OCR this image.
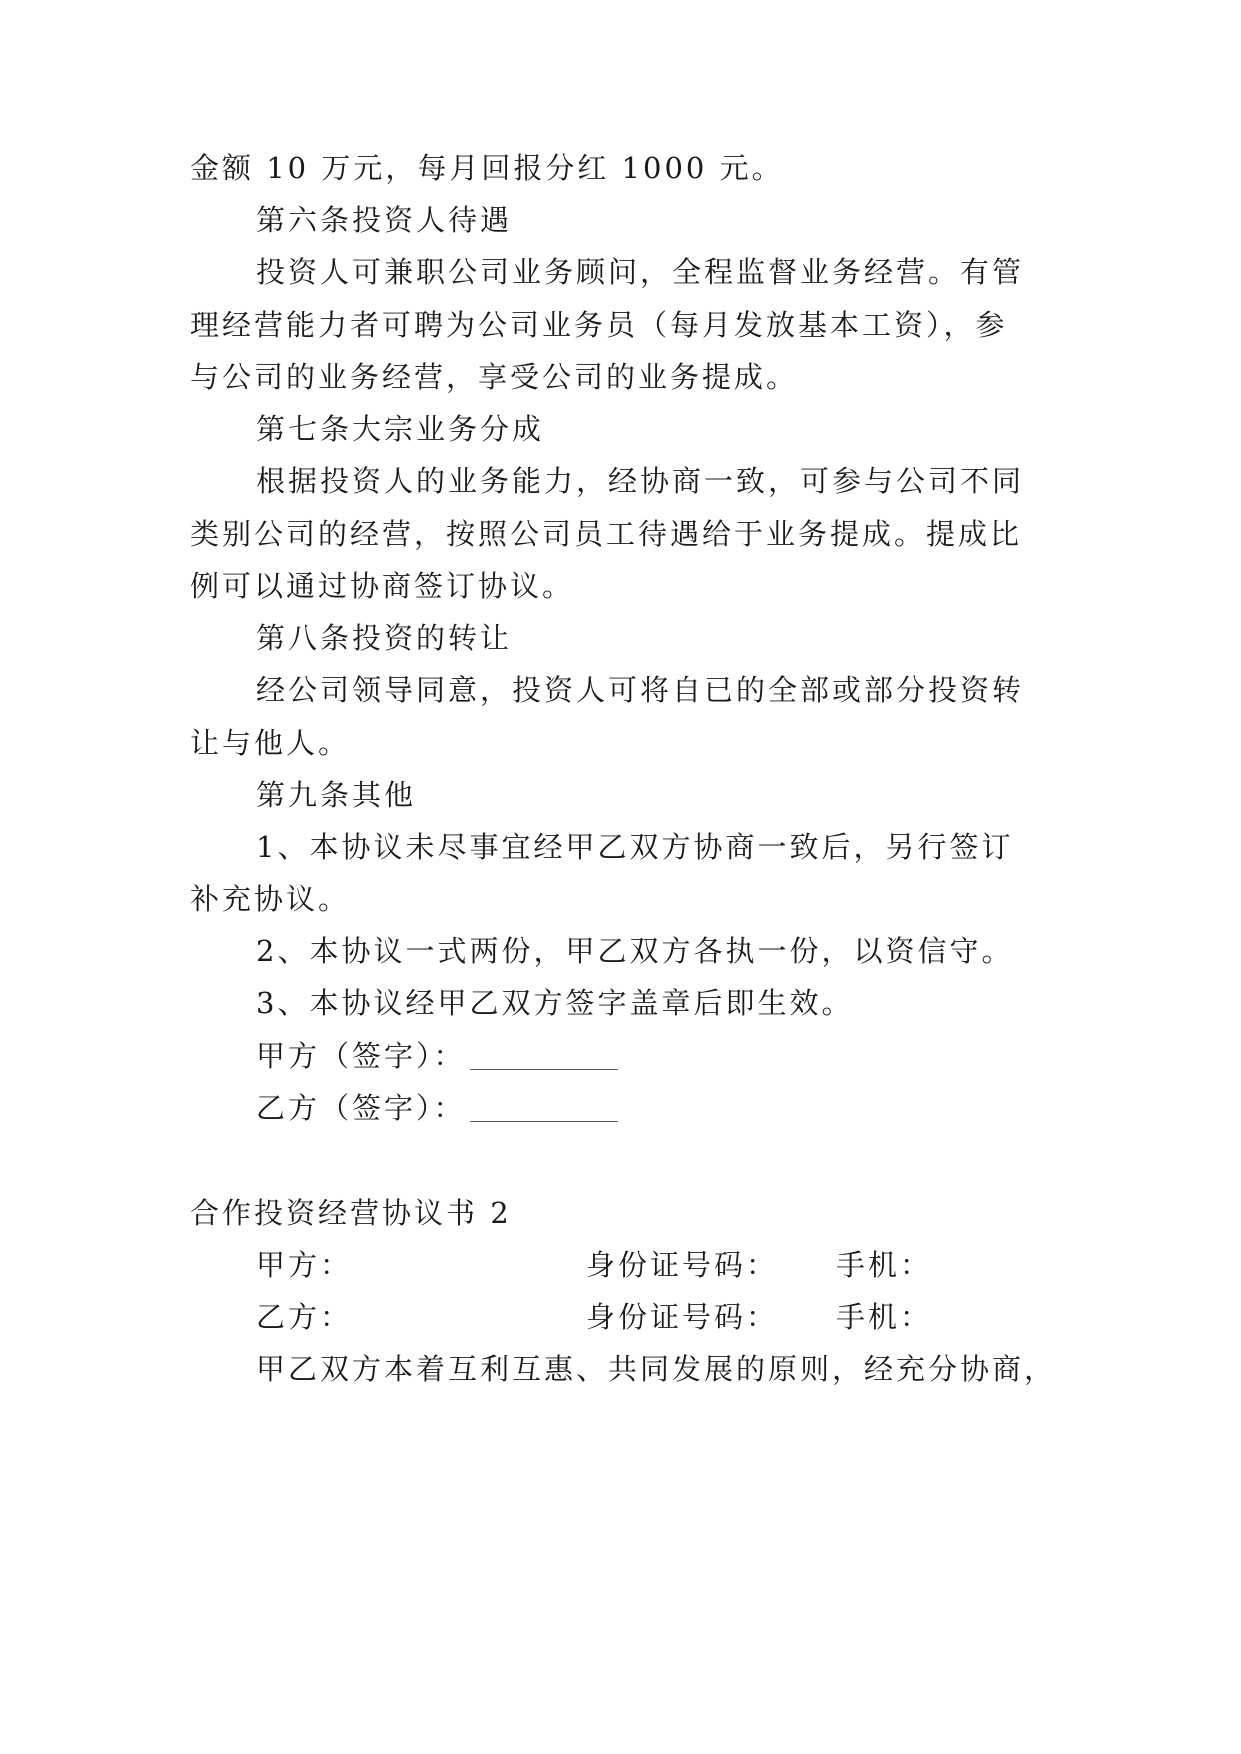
金额 10 万元，每月回报分红 1000 元。
第六条投资人待遇
投资人可兼职公司业务顾问，全程监督业务经营。有管
理经营能力者可聘为公司业务员（每月发放基本工资），参
与公司的业务经营，享受公司的业务提成。
第七条大宗业务分成
根据投资人的业务能力，经协商一致，可参与公司不同
类别公司的经营，按照公司员工待遇给于业务提成。提成比
例可以通过协商签订协议。
第八条投资的转让
经公司领导同意，投资人可将自已的全部或部分投资转
让与他人。
第九条其他
1、本协议未尽事宜经甲乙双方协商一致后，另行签订
补充协议。
2、本协议一式两份，甲乙双方各执一份，以资信守。
3、本协议经甲乙双方签字盖章后即生效。
甲方（签字）：
乙方（签字）：
合作投资经营协议书 2
甲方：	身份证号码： 手机：
乙方：	身份证号码： 手机：
甲乙双方本着互利互惠、共同发展的原则，经充分协商，
